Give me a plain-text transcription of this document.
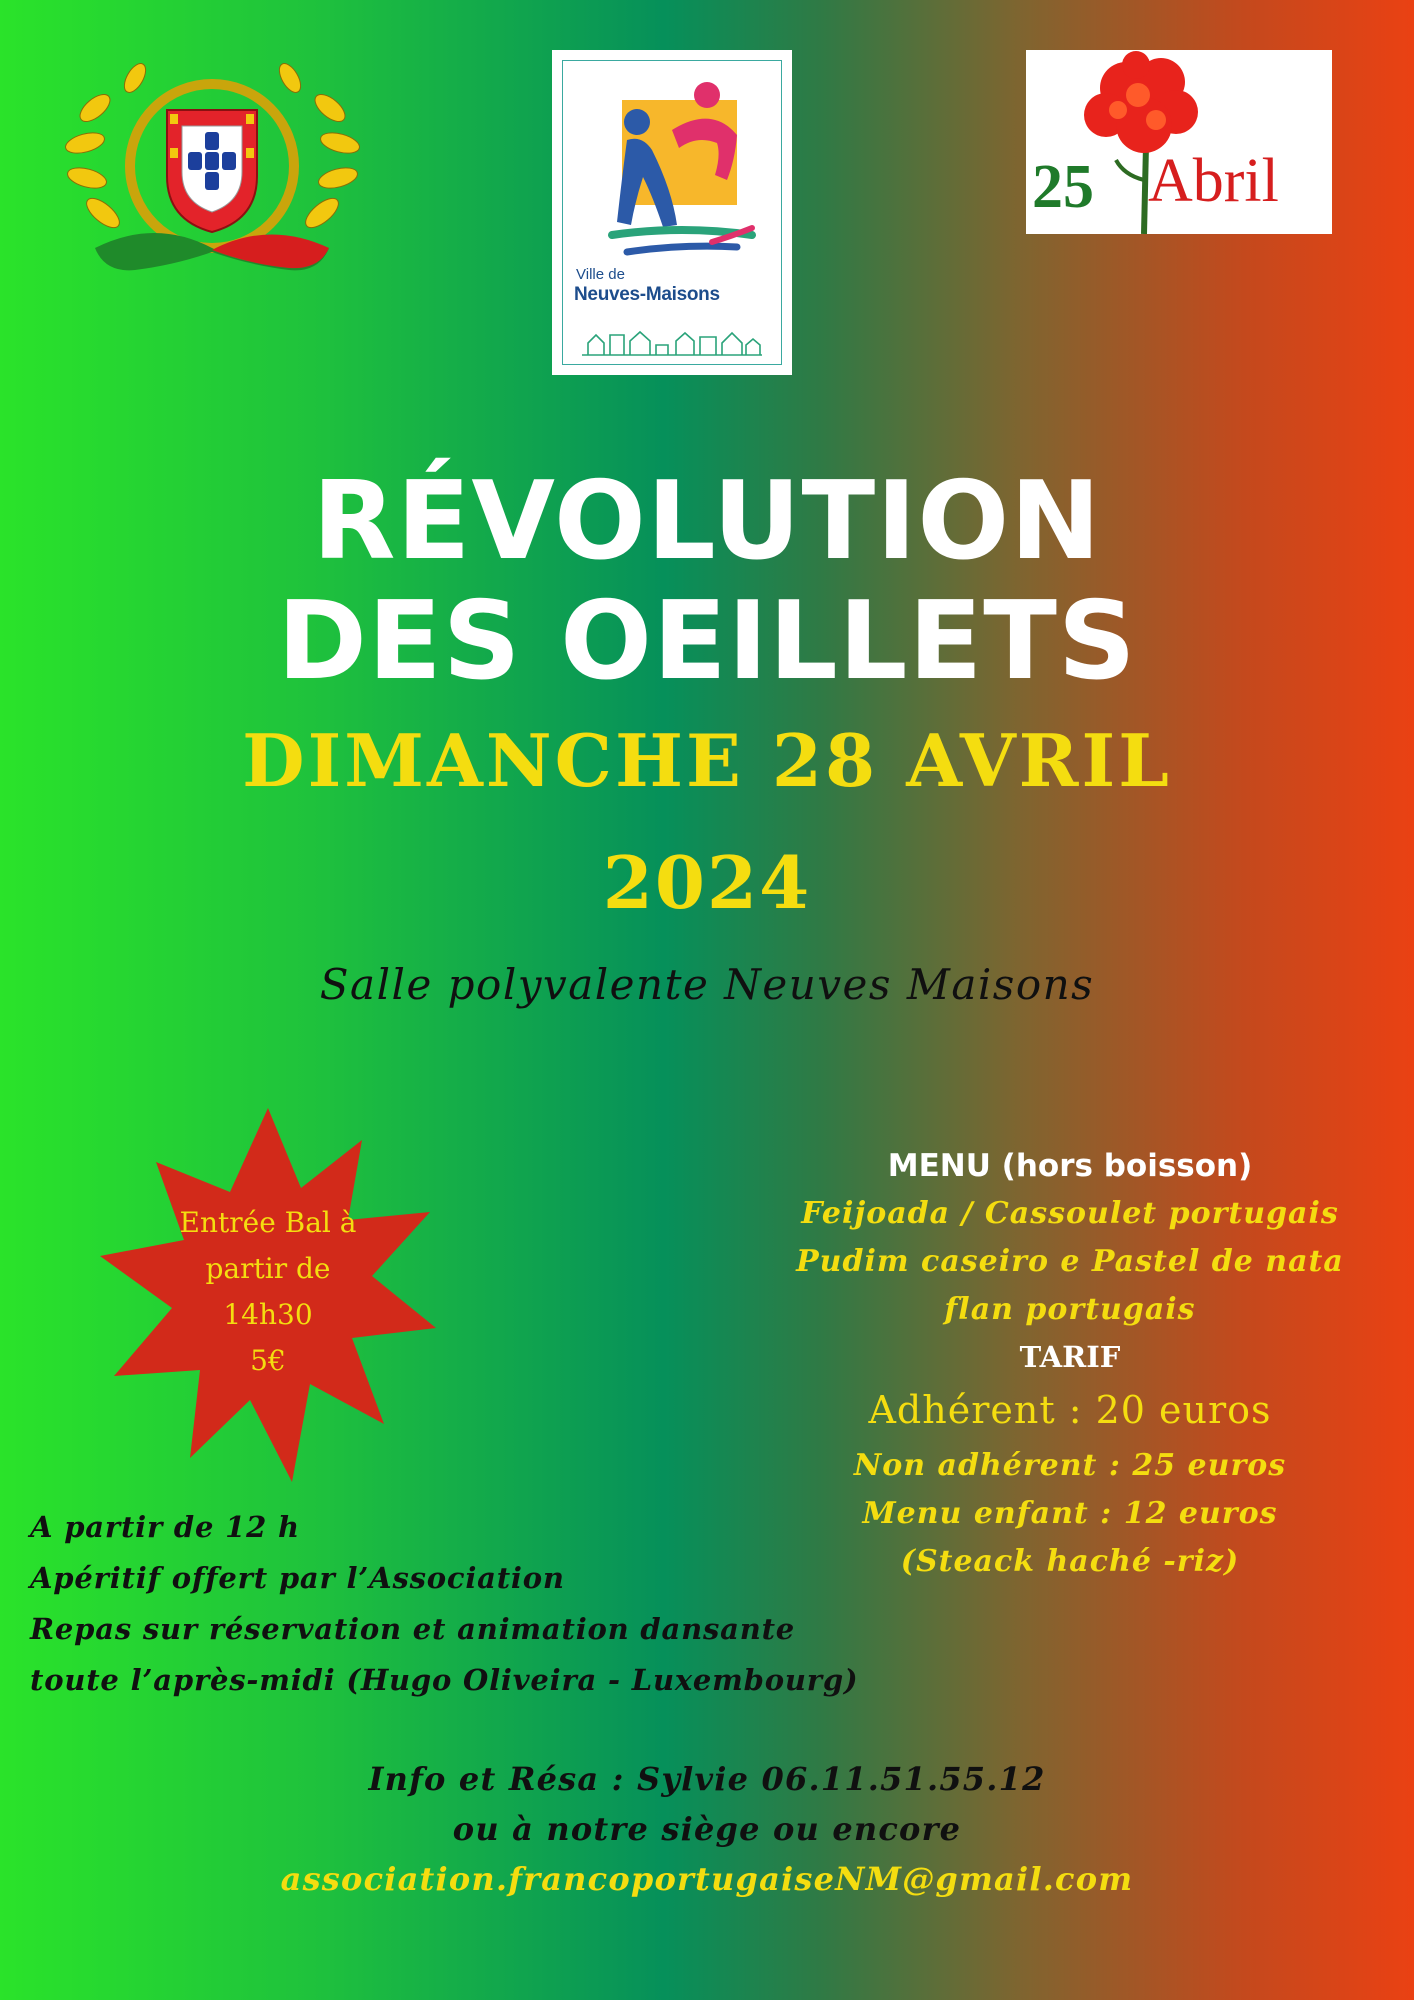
Ville de
Neuves-Maisons
25 Abril
RÉVOLUTION
DES OEILLETS
DIMANCHE 28 AVRIL
2024
Salle polyvalente Neuves Maisons
Entrée Bal à
partir de
14h30
5€
MENU (hors boisson)
Feijoada / Cassoulet portugais
Pudim caseiro e Pastel de nata
flan portugais
TARIF
Adhérent : 20 euros
Non adhérent : 25 euros
Menu enfant : 12 euros
(Steack haché -riz)
A partir de 12 h
Apéritif offert par l’Association
Repas sur réservation et animation dansante
toute l’après-midi (Hugo Oliveira - Luxembourg)
Info et Résa : Sylvie 06.11.51.55.12
ou à notre siège ou encore
association.francoportugaiseNM@gmail.com
